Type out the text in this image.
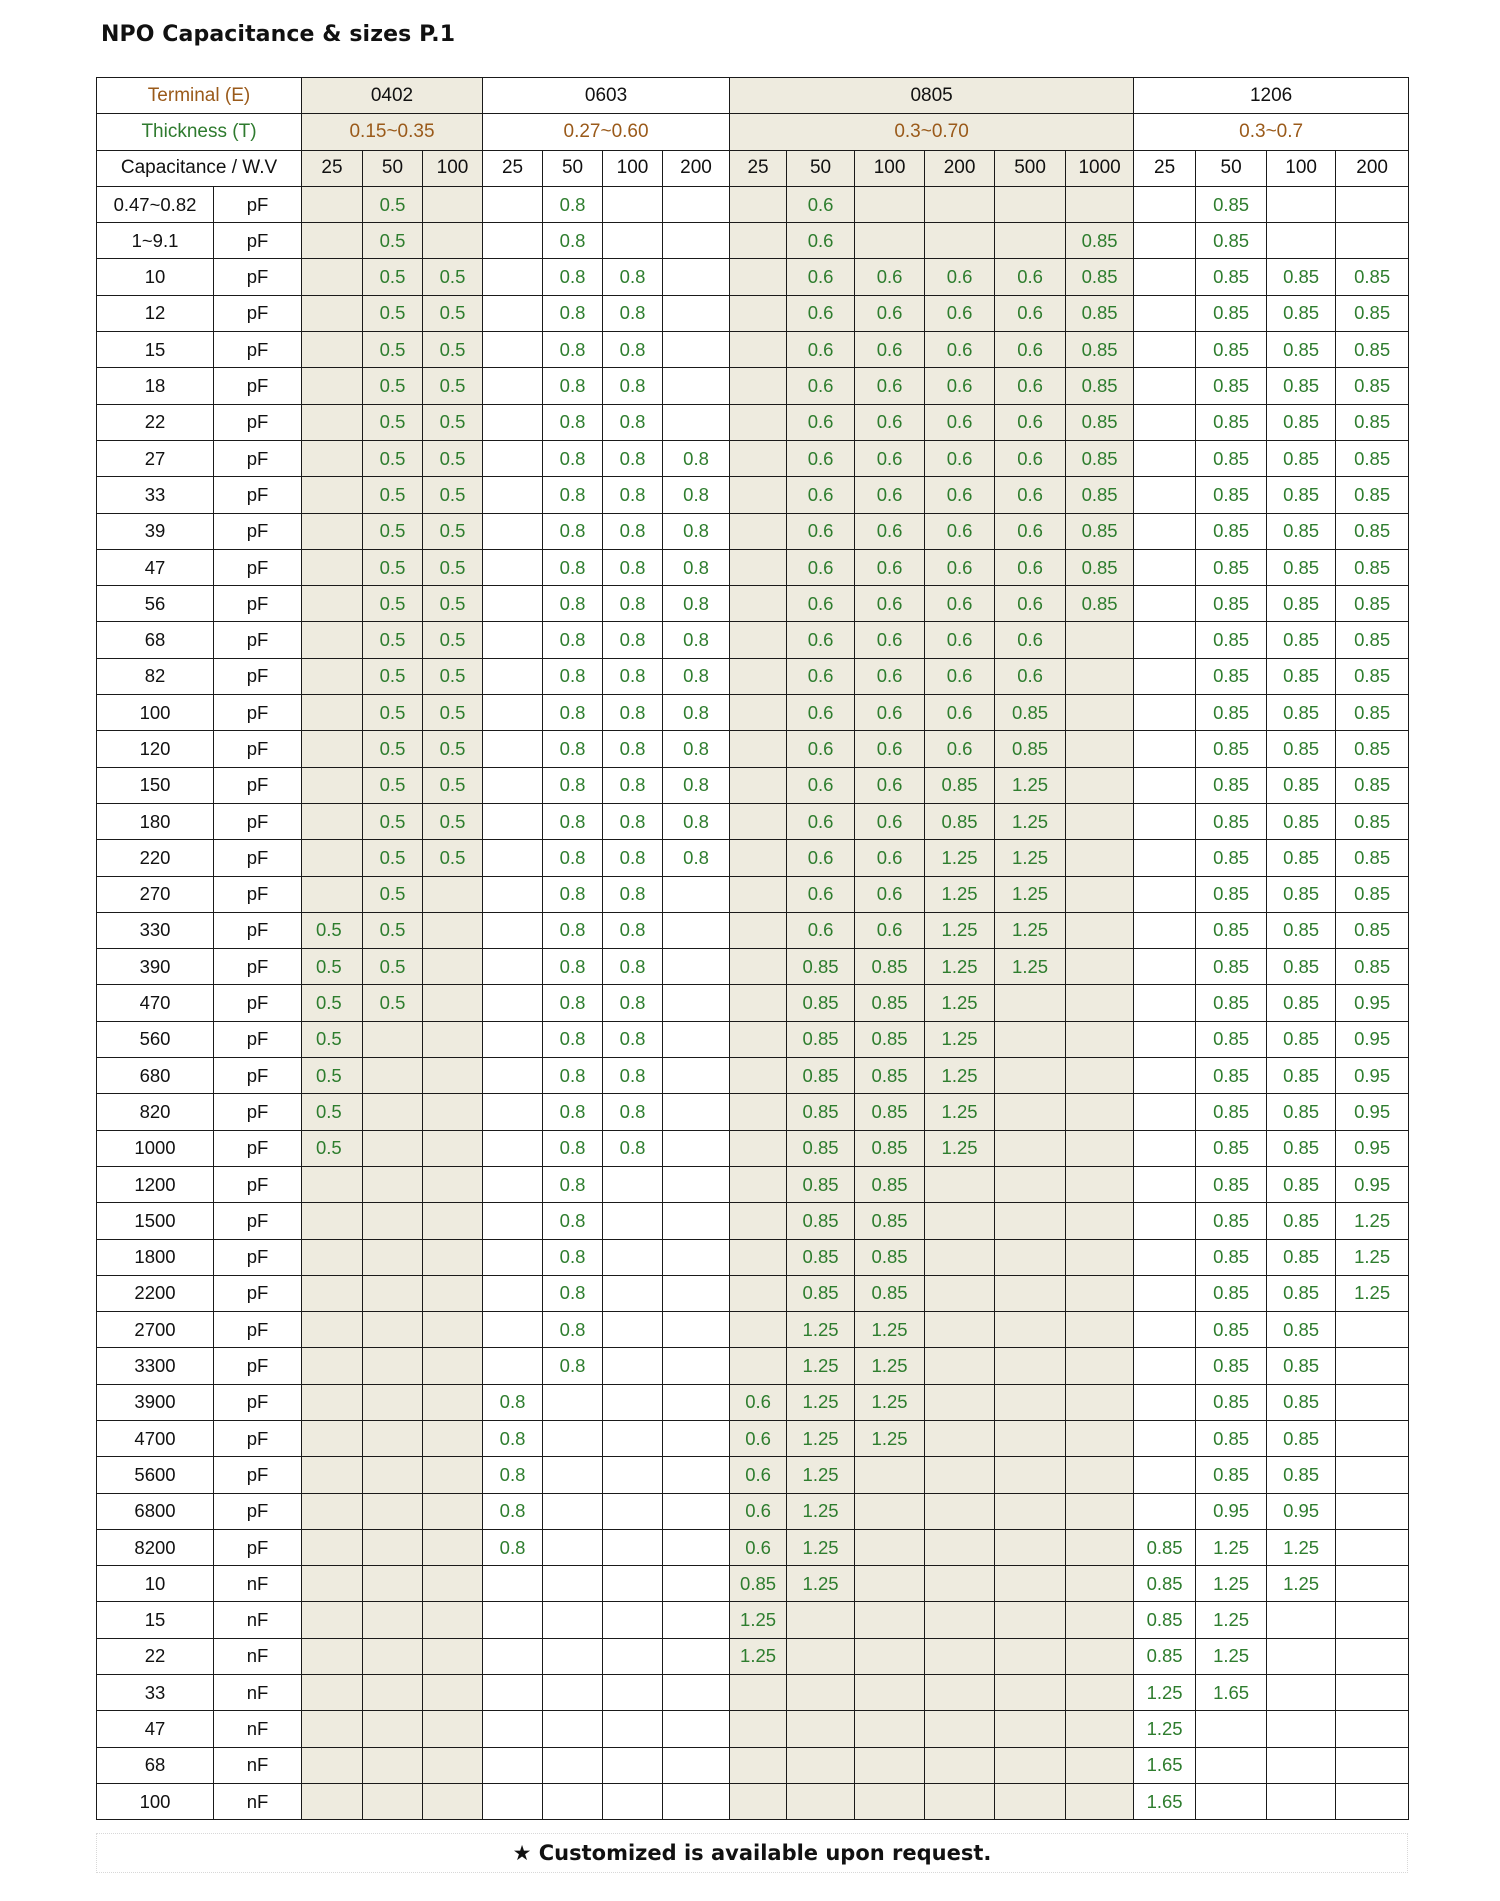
NPO Capacitance & sizes P.1
Terminal (E)		0402			0603				0805						1206			
Thickness (T)		0.15~0.35			0.27~0.60				0.3~0.70						0.3~0.7			
Capacitance / W.V		25	50	100	25	50	100	200	25	50	100	200	500	1000	25	50	100	200
0.47~0.82	pF		0.5			0.8				0.6						0.85		
1~9.1	pF		0.5			0.8				0.6				0.85		0.85		
10	pF		0.5	0.5		0.8	0.8			0.6	0.6	0.6	0.6	0.85		0.85	0.85	0.85
12	pF		0.5	0.5		0.8	0.8			0.6	0.6	0.6	0.6	0.85		0.85	0.85	0.85
15	pF		0.5	0.5		0.8	0.8			0.6	0.6	0.6	0.6	0.85		0.85	0.85	0.85
18	pF		0.5	0.5		0.8	0.8			0.6	0.6	0.6	0.6	0.85		0.85	0.85	0.85
22	pF		0.5	0.5		0.8	0.8			0.6	0.6	0.6	0.6	0.85		0.85	0.85	0.85
27	pF		0.5	0.5		0.8	0.8	0.8		0.6	0.6	0.6	0.6	0.85		0.85	0.85	0.85
33	pF		0.5	0.5		0.8	0.8	0.8		0.6	0.6	0.6	0.6	0.85		0.85	0.85	0.85
39	pF		0.5	0.5		0.8	0.8	0.8		0.6	0.6	0.6	0.6	0.85		0.85	0.85	0.85
47	pF		0.5	0.5		0.8	0.8	0.8		0.6	0.6	0.6	0.6	0.85		0.85	0.85	0.85
56	pF		0.5	0.5		0.8	0.8	0.8		0.6	0.6	0.6	0.6	0.85		0.85	0.85	0.85
68	pF		0.5	0.5		0.8	0.8	0.8		0.6	0.6	0.6	0.6			0.85	0.85	0.85
82	pF		0.5	0.5		0.8	0.8	0.8		0.6	0.6	0.6	0.6			0.85	0.85	0.85
100	pF		0.5	0.5		0.8	0.8	0.8		0.6	0.6	0.6	0.85			0.85	0.85	0.85
120	pF		0.5	0.5		0.8	0.8	0.8		0.6	0.6	0.6	0.85			0.85	0.85	0.85
150	pF		0.5	0.5		0.8	0.8	0.8		0.6	0.6	0.85	1.25			0.85	0.85	0.85
180	pF		0.5	0.5		0.8	0.8	0.8		0.6	0.6	0.85	1.25			0.85	0.85	0.85
220	pF		0.5	0.5		0.8	0.8	0.8		0.6	0.6	1.25	1.25			0.85	0.85	0.85
270	pF		0.5			0.8	0.8			0.6	0.6	1.25	1.25			0.85	0.85	0.85
330	pF	0.5	0.5			0.8	0.8			0.6	0.6	1.25	1.25			0.85	0.85	0.85
390	pF	0.5	0.5			0.8	0.8			0.85	0.85	1.25	1.25			0.85	0.85	0.85
470	pF	0.5	0.5			0.8	0.8			0.85	0.85	1.25				0.85	0.85	0.95
560	pF	0.5				0.8	0.8			0.85	0.85	1.25				0.85	0.85	0.95
680	pF	0.5				0.8	0.8			0.85	0.85	1.25				0.85	0.85	0.95
820	pF	0.5				0.8	0.8			0.85	0.85	1.25				0.85	0.85	0.95
1000	pF	0.5				0.8	0.8			0.85	0.85	1.25				0.85	0.85	0.95
1200	pF					0.8				0.85	0.85					0.85	0.85	0.95
1500	pF					0.8				0.85	0.85					0.85	0.85	1.25
1800	pF					0.8				0.85	0.85					0.85	0.85	1.25
2200	pF					0.8				0.85	0.85					0.85	0.85	1.25
2700	pF					0.8				1.25	1.25					0.85	0.85	
3300	pF					0.8				1.25	1.25					0.85	0.85	
3900	pF				0.8				0.6	1.25	1.25					0.85	0.85	
4700	pF				0.8				0.6	1.25	1.25					0.85	0.85	
5600	pF				0.8				0.6	1.25						0.85	0.85	
6800	pF				0.8				0.6	1.25						0.95	0.95	
8200	pF				0.8				0.6	1.25					0.85	1.25	1.25	
10	nF								0.85	1.25					0.85	1.25	1.25	
15	nF								1.25						0.85	1.25		
22	nF								1.25						0.85	1.25		
33	nF														1.25	1.65		
47	nF														1.25			
68	nF														1.65			
100	nF														1.65			
★ Customized is available upon request.
